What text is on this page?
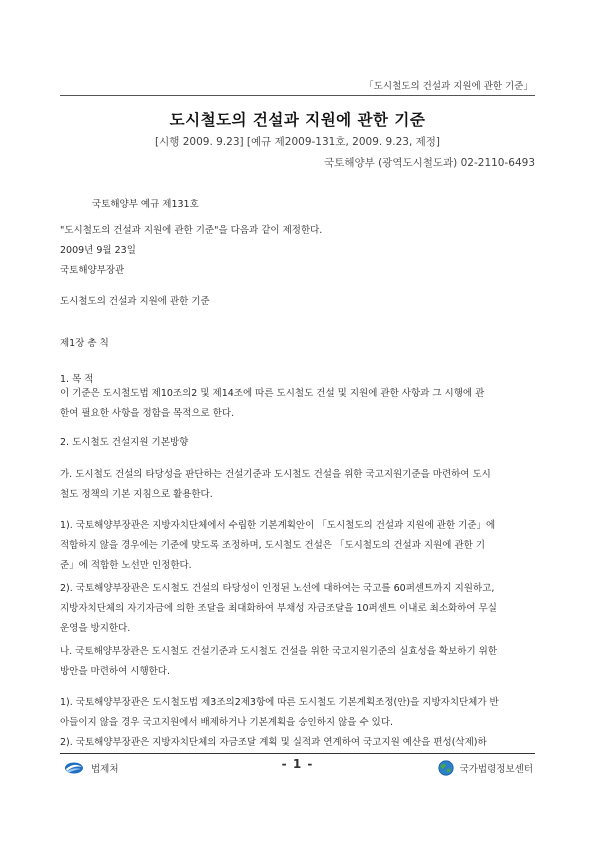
「도시철도의 건설과 지원에 관한 기준」
도시철도의 건설과 지원에 관한 기준
[시행 2009. 9.23] [예규 제2009-131호, 2009. 9.23, 제정]
국토해양부 (광역도시철도과) 02-2110-6493
국토해양부 예규 제131호
"도시철도의 건설과 지원에 관한 기준"을 다음과 같이 제정한다.
2009년 9월 23일
국토해양부장관
도시철도의 건설과 지원에 관한 기준
제1장 총 칙
1. 목 적
이 기준은 도시철도법 제10조의2 및 제14조에 따른 도시철도 건설 및 지원에 관한 사항과 그 시행에 관
한여 필요한 사항을 정함을 목적으로 한다.
2. 도시철도 건설지원 기본방향
가. 도시철도 건설의 타당성을 판단하는 건설기준과 도시철도 건설을 위한 국고지원기준을 마련하여 도시
철도 정책의 기본 지침으로 활용한다.
1). 국토해양부장관은 지방자치단체에서 수립한 기본계획안이 「도시철도의 건설과 지원에 관한 기준」에
적합하지 않을 경우에는 기준에 맞도록 조정하며, 도시철도 건설은 「도시철도의 건설과 지원에 관한 기
준」에 적합한 노선만 인정한다.
2). 국토해양부장관은 도시철도 건설의 타당성이 인정된 노선에 대하여는 국고를 60퍼센트까지 지원하고,
지방자치단체의 자기자금에 의한 조달을 최대화하여 부채성 자금조달을 10퍼센트 이내로 최소화하여 무실
운영을 방지한다.
나. 국토해양부장관은 도시철도 건설기준과 도시철도 건설을 위한 국고지원기준의 실효성을 확보하기 위한
방안을 마련하여 시행한다.
1). 국토해양부장관은 도시철도법 제3조의2제3항에 따른 도시철도 기본계획조정(안)을 지방자치단체가 반
아들이지 않을 경우 국고지원에서 배제하거나 기본계획을 승인하지 않을 수 있다.
2). 국토해양부장관은 지방자치단체의 자금조달 계획 및 실적과 연계하여 국고지원 예산을 편성(삭제)하
법제처	- 1 -	국가법령정보센터
